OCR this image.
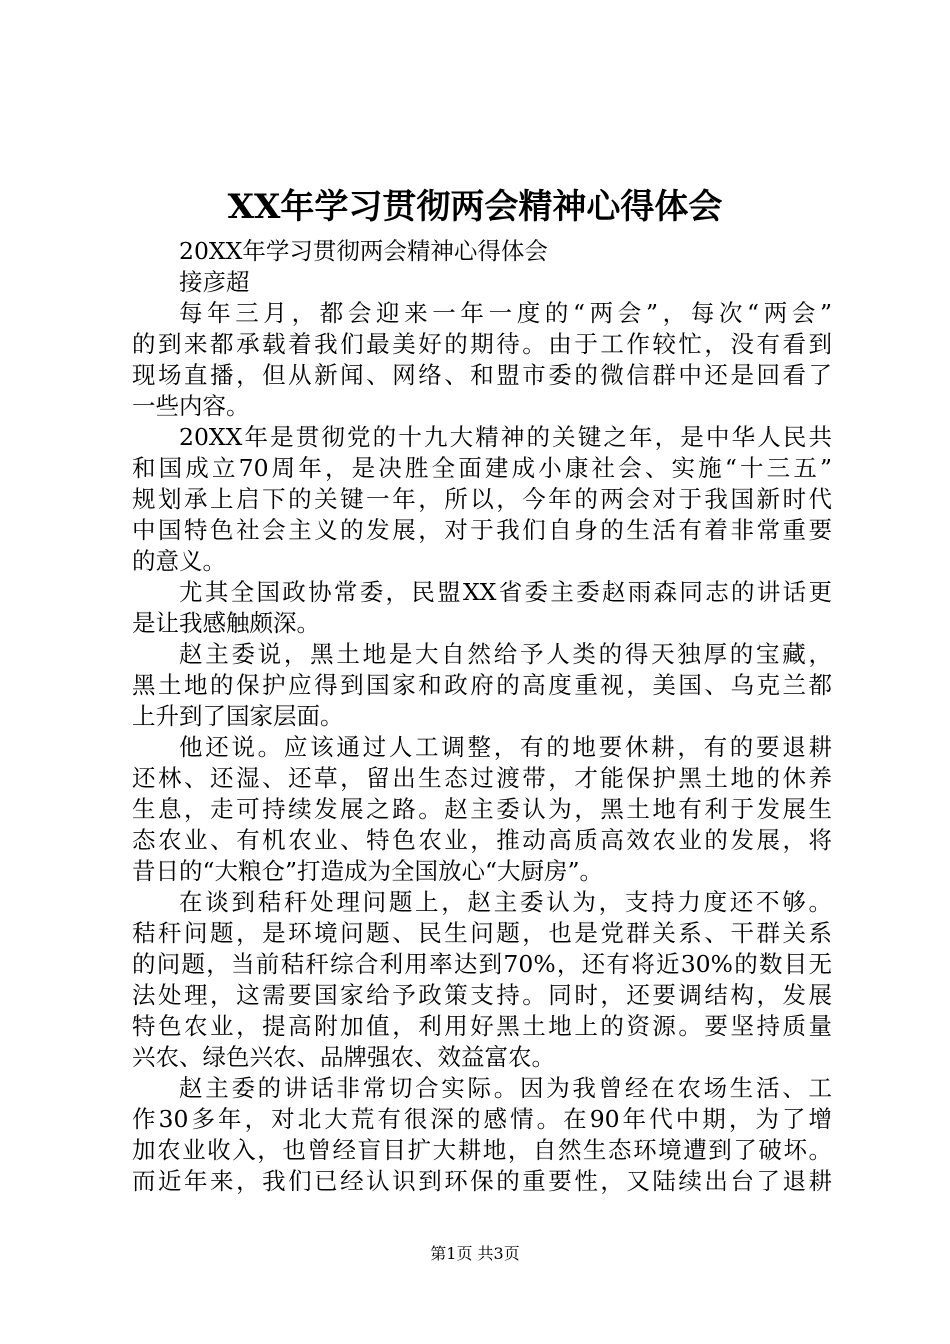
XX年学习贯彻两会精神心得体会

20XX年学习贯彻两会精神心得体会

接彦超

每年三月，都会迎来一年一度的“两会”，每次“两会”

的到来都承载着我们最美好的期待。由于工作较忙，没有看到

现场直播，但从新闻、网络、和盟市委的微信群中还是回看了

一些内容。

20XX年是贯彻党的十九大精神的关键之年，是中华人民共

和国成立70周年，是决胜全面建成小康社会、实施“十三五”

规划承上启下的关键一年，所以，今年的两会对于我国新时代

中国特色社会主义的发展，对于我们自身的生活有着非常重要

的意义。

尤其全国政协常委，民盟XX省委主委赵雨森同志的讲话更

是让我感触颇深。

赵主委说，黑土地是大自然给予人类的得天独厚的宝藏，

黑土地的保护应得到国家和政府的高度重视，美国、乌克兰都

上升到了国家层面。

他还说。应该通过人工调整，有的地要休耕，有的要退耕

还林、还湿、还草，留出生态过渡带，才能保护黑土地的休养

生息，走可持续发展之路。赵主委认为，黑土地有利于发展生

态农业、有机农业、特色农业，推动高质高效农业的发展，将

昔日的“大粮仓”打造成为全国放心“大厨房”。

在谈到秸秆处理问题上，赵主委认为，支持力度还不够。

秸秆问题，是环境问题、民生问题，也是党群关系、干群关系

的问题，当前秸秆综合利用率达到70%，还有将近30%的数目无

法处理，这需要国家给予政策支持。同时，还要调结构，发展

特色农业，提高附加值，利用好黑土地上的资源。要坚持质量

兴农、绿色兴农、品牌强农、效益富农。

赵主委的讲话非常切合实际。因为我曾经在农场生活、工

作30多年，对北大荒有很深的感情。在90年代中期，为了增

加农业收入，也曾经盲目扩大耕地，自然生态环境遭到了破坏。

而近年来，我们已经认识到环保的重要性，又陆续出台了退耕

第1页 共3页
